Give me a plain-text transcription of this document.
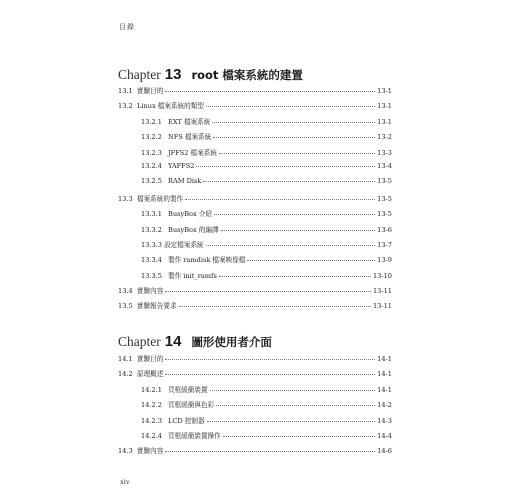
目錄
Chapter 13 root 檔案系統的建置
13.1 實驗目的	13-1
13.2 Linux 檔案系統的類型	13-1
13.2.1 EXT 檔案系統	13-1
13.2.2 NFS 檔案系統	13-2
13.2.3 JFFS2 檔案系統	13-3
13.2.4 YAFFS2	13-4
13.2.5 RAM Disk	13-5
13.3 檔案系統的製作	13-5
13.3.1 BusyBox 介紹	13-5
13.3.2 BusyBox 的編譯	13-6
13.3.3 設定檔案系統	13-7
13.3.4 製作 ramdisk 檔案映像檔	13-9
13.3.5 製作 init_ramfs	13-10
13.4 實驗內容	13-11
13.5 實驗報告要求	13-11
Chapter 14 圖形使用者介面
14.1 實驗目的	14-1
14.2 原理概述	14-1
14.2.1 頁框緩衝裝置	14-1
14.2.2 頁框緩衝與色彩	14-2
14.2.3 LCD 控制器	14-3
14.2.4 頁框緩衝裝置操作	14-4
14.3 實驗內容	14-6
xiv
